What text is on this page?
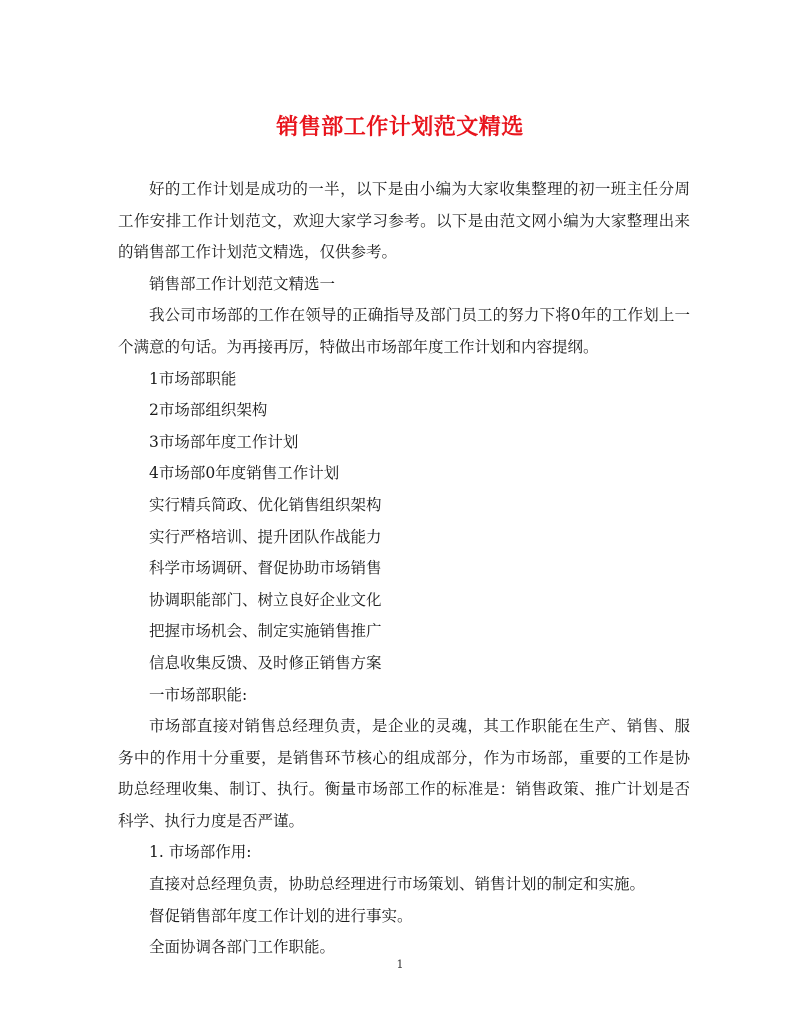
销售部工作计划范文精选

好的工作计划是成功的一半，以下是由小编为大家收集整理的初一班主任分周工作安排工作计划范文，欢迎大家学习参考。以下是由范文网小编为大家整理出来的销售部工作计划范文精选，仅供参考。

销售部工作计划范文精选一

我公司市场部的工作在领导的正确指导及部门员工的努力下将0年的工作划上一个满意的句话。为再接再厉，特做出市场部年度工作计划和内容提纲。

1市场部职能

2市场部组织架构

3市场部年度工作计划

4市场部0年度销售工作计划

实行精兵简政、优化销售组织架构

实行严格培训、提升团队作战能力

科学市场调研、督促协助市场销售

协调职能部门、树立良好企业文化

把握市场机会、制定实施销售推广

信息收集反馈、及时修正销售方案

一市场部职能:

市场部直接对销售总经理负责，是企业的灵魂，其工作职能在生产、销售、服务中的作用十分重要，是销售环节核心的组成部分，作为市场部，重要的工作是协助总经理收集、制订、执行。衡量市场部工作的标准是：销售政策、推广计划是否科学、执行力度是否严谨。

1. 市场部作用:

直接对总经理负责，协助总经理进行市场策划、销售计划的制定和实施。

督促销售部年度工作计划的进行事实。

全面协调各部门工作职能。

1
